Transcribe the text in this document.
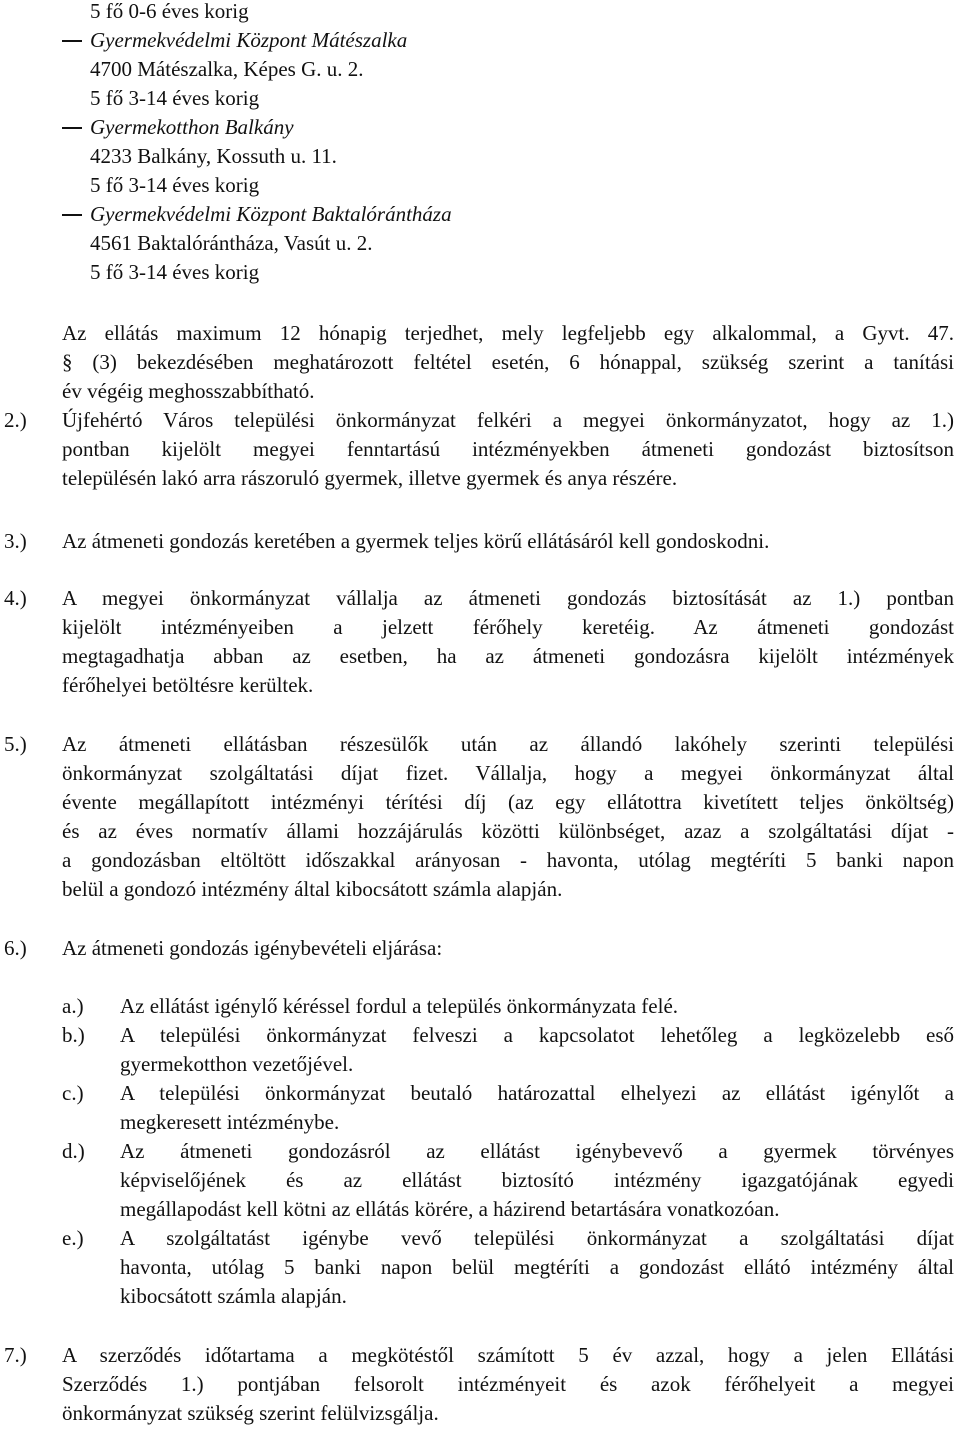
5 fő 0-6 éves korig
Gyermekvédelmi Központ Mátészalka
4700 Mátészalka, Képes G. u. 2.
5 fő 3-14 éves korig
Gyermekotthon Balkány
4233 Balkány, Kossuth u. 11.
5 fő 3-14 éves korig
Gyermekvédelmi Központ Baktalórántháza
4561 Baktalórántháza, Vasút u. 2.
5 fő 3-14 éves korig
Az ellátás maximum 12 hónapig terjedhet, mely legfeljebb egy alkalommal, a Gyvt. 47.
§ (3) bekezdésében meghatározott feltétel esetén, 6 hónappal, szükség szerint a tanítási
év végéig meghosszabbítható.
2.) Újfehértó Város települési önkormányzat felkéri a megyei önkormányzatot, hogy az 1.)
pontban kijelölt megyei fenntartású intézményekben átmeneti gondozást biztosítson
településén lakó arra rászoruló gyermek, illetve gyermek és anya részére.
3.) Az átmeneti gondozás keretében a gyermek teljes körű ellátásáról kell gondoskodni.
4.) A megyei önkormányzat vállalja az átmeneti gondozás biztosítását az 1.) pontban
kijelölt intézményeiben a jelzett férőhely keretéig. Az átmeneti gondozást
megtagadhatja abban az esetben, ha az átmeneti gondozásra kijelölt intézmények
férőhelyei betöltésre kerültek.
5.) Az átmeneti ellátásban részesülők után az állandó lakóhely szerinti települési
önkormányzat szolgáltatási díjat fizet. Vállalja, hogy a megyei önkormányzat által
évente megállapított intézményi térítési díj (az egy ellátottra kivetített teljes önköltség)
és az éves normatív állami hozzájárulás közötti különbséget, azaz a szolgáltatási díjat -
a gondozásban eltöltött időszakkal arányosan - havonta, utólag megtéríti 5 banki napon
belül a gondozó intézmény által kibocsátott számla alapján.
6.) Az átmeneti gondozás igénybevételi eljárása:
a.) Az ellátást igénylő kéréssel fordul a település önkormányzata felé.
b.) A települési önkormányzat felveszi a kapcsolatot lehetőleg a legközelebb eső
gyermekotthon vezetőjével.
c.) A települési önkormányzat beutaló határozattal elhelyezi az ellátást igénylőt a
megkeresett intézménybe.
d.) Az átmeneti gondozásról az ellátást igénybevevő a gyermek törvényes
képviselőjének és az ellátást biztosító intézmény igazgatójának egyedi
megállapodást kell kötni az ellátás körére, a házirend betartására vonatkozóan.
e.) A szolgáltatást igénybe vevő települési önkormányzat a szolgáltatási díjat
havonta, utólag 5 banki napon belül megtéríti a gondozást ellátó intézmény által
kibocsátott számla alapján.
7.) A szerződés időtartama a megkötéstől számított 5 év azzal, hogy a jelen Ellátási
Szerződés 1.) pontjában felsorolt intézményeit és azok férőhelyeit a megyei
önkormányzat szükség szerint felülvizsgálja.
